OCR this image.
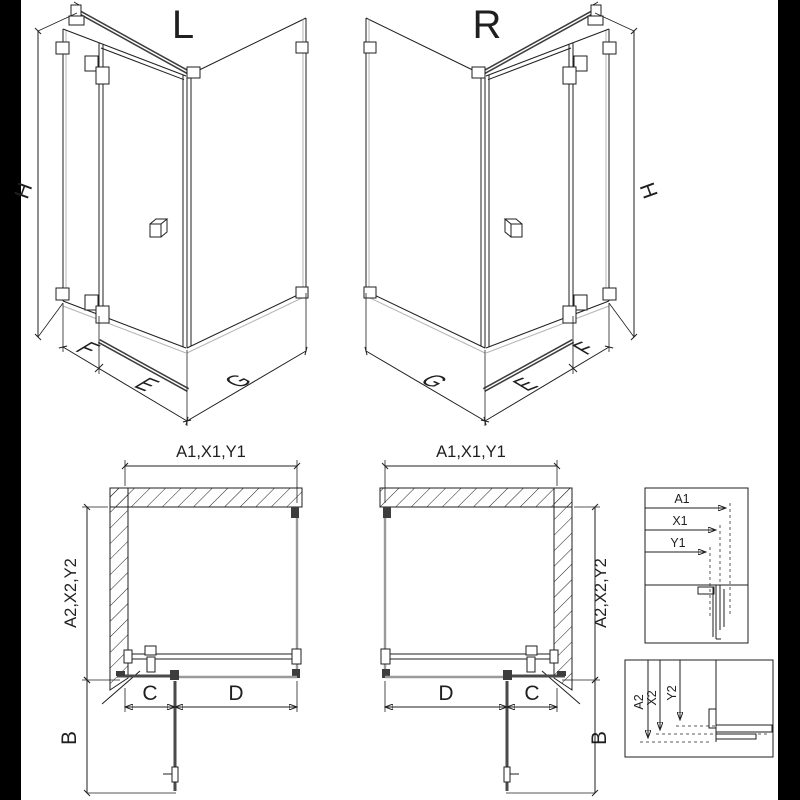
L
H
F
E G
R
H
F
E
G
A1,X1,Y1
A2,X2,Y2
B
C	D
A1,X1,Y1
A2,X2,Y2
B
D	C
A1
X1
Y1
A2 X2 Y2
